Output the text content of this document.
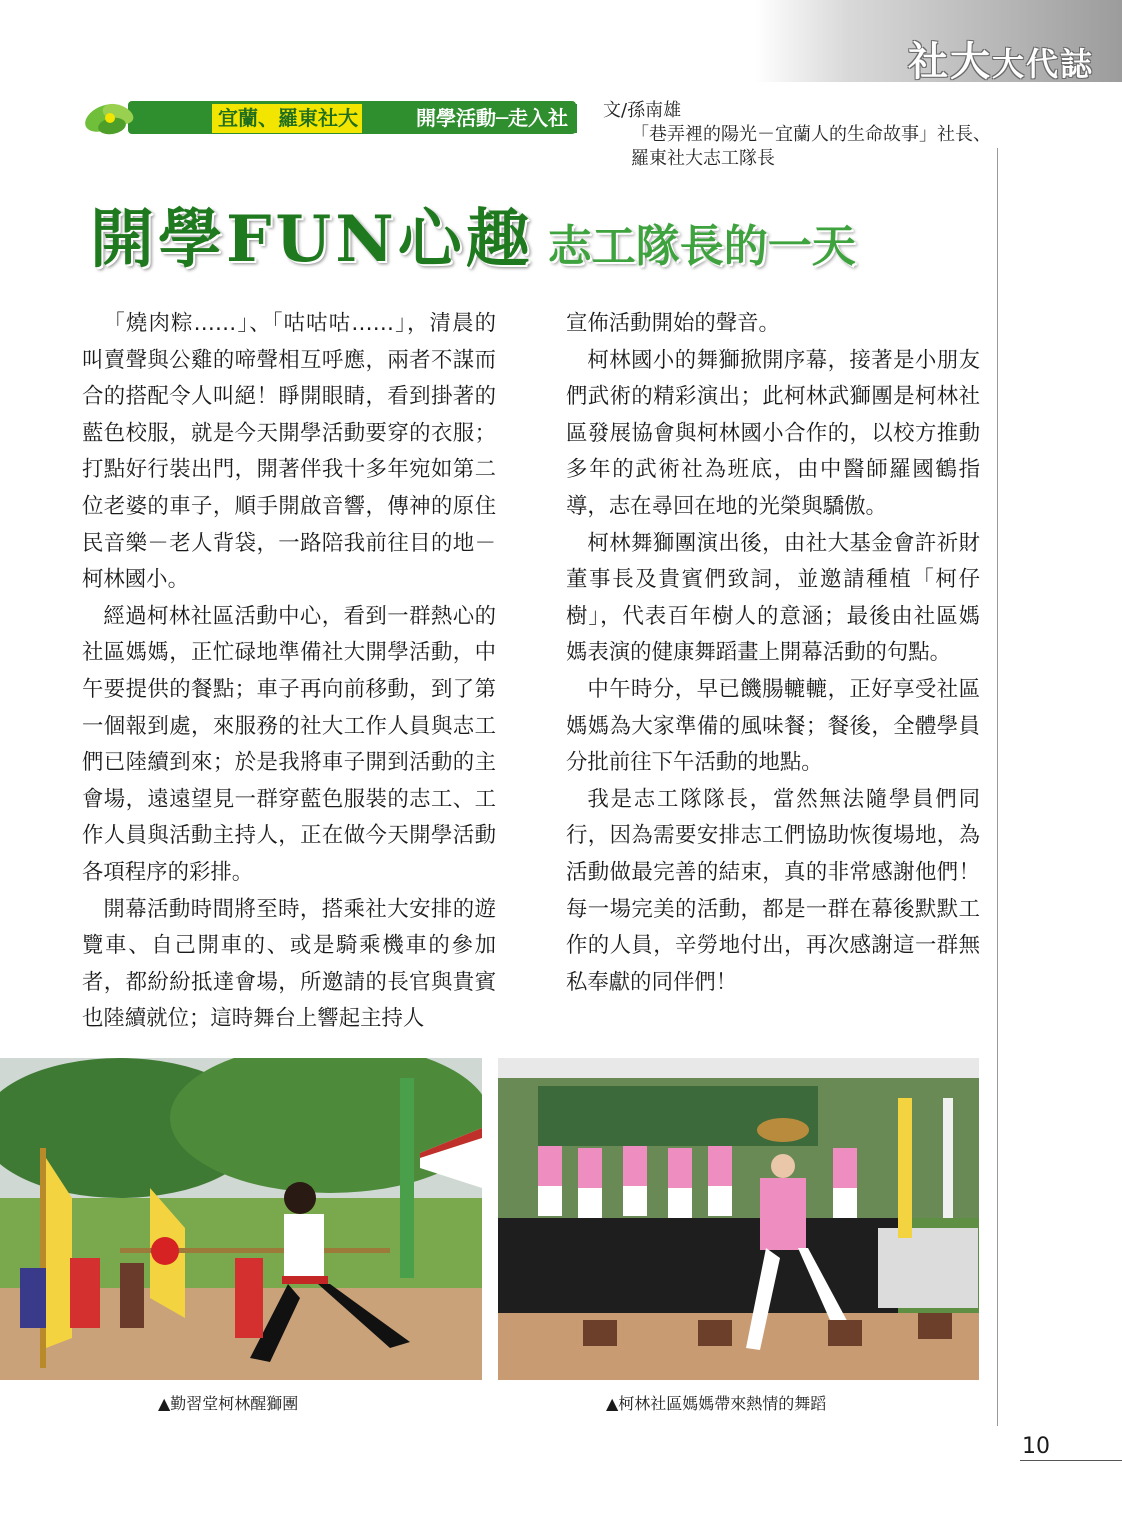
社大大代誌
宜蘭、羅東社大	開學活動─走入社區
文/孫南雄
「巷弄裡的陽光－宜蘭人的生命故事」社長、
羅東社大志工隊長
開學FUN心趣 志工隊長的一天

「燒肉粽……」、「咕咕咕……」，清晨的叫賣聲與公雞的啼聲相互呼應，兩者不謀而合的搭配令人叫絕！睜開眼睛，看到掛著的藍色校服，就是今天開學活動要穿的衣服；打點好行裝出門，開著伴我十多年宛如第二位老婆的車子，順手開啟音響，傳神的原住民音樂－老人背袋，一路陪我前往目的地－柯林國小。

經過柯林社區活動中心，看到一群熱心的社區媽媽，正忙碌地準備社大開學活動，中午要提供的餐點；車子再向前移動，到了第一個報到處，來服務的社大工作人員與志工們已陸續到來；於是我將車子開到活動的主會場，遠遠望見一群穿藍色服裝的志工、工作人員與活動主持人，正在做今天開學活動各項程序的彩排。

開幕活動時間將至時，搭乘社大安排的遊覽車、自己開車的、或是騎乘機車的參加者，都紛紛抵達會場，所邀請的長官與貴賓也陸續就位；這時舞台上響起主持人

宣佈活動開始的聲音。

柯林國小的舞獅掀開序幕，接著是小朋友們武術的精彩演出；此柯林武獅團是柯林社區發展協會與柯林國小合作的，以校方推動多年的武術社為班底，由中醫師羅國鶴指導，志在尋回在地的光榮與驕傲。

柯林舞獅團演出後，由社大基金會許祈財董事長及貴賓們致詞，並邀請種植「柯仔樹」，代表百年樹人的意涵；最後由社區媽媽表演的健康舞蹈畫上開幕活動的句點。

中午時分，早已饑腸轆轆，正好享受社區媽媽為大家準備的風味餐；餐後，全體學員分批前往下午活動的地點。

我是志工隊隊長，當然無法隨學員們同行，因為需要安排志工們協助恢復場地，為活動做最完善的結束，真的非常感謝他們！每一場完美的活動，都是一群在幕後默默工作的人員，辛勞地付出，再次感謝這一群無私奉獻的同伴們！

▲勤習堂柯林醒獅團	▲柯林社區媽媽帶來熱情的舞蹈
10
